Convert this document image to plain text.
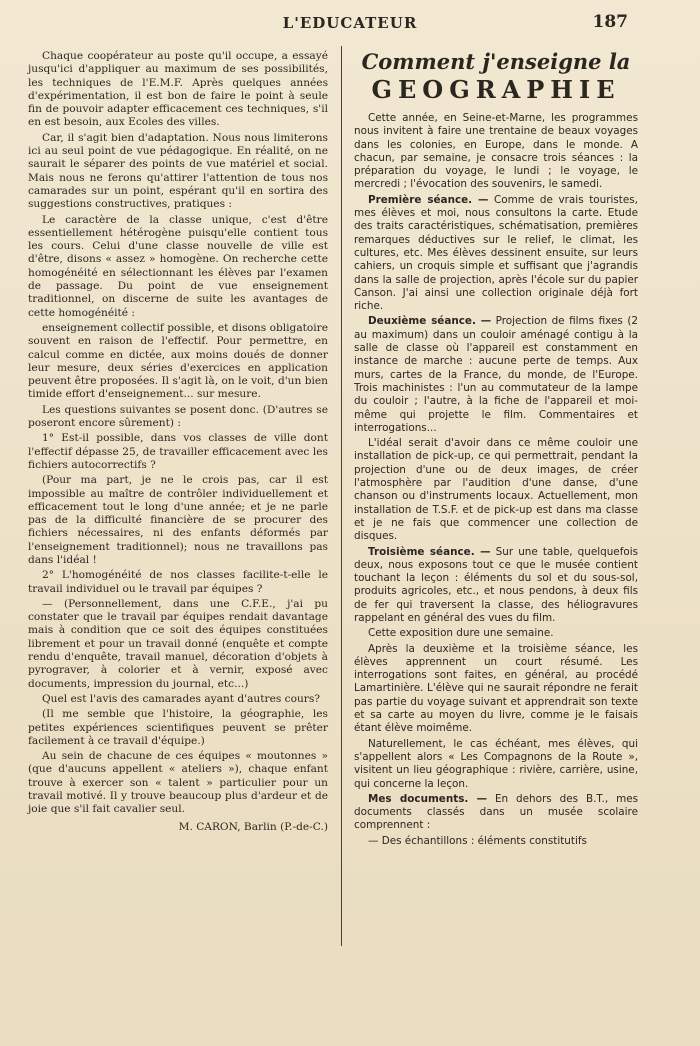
L'EDUCATEUR	187

Chaque coopérateur au poste qu'il occupe, a essayé jusqu'ici d'appliquer au maximum de ses possibilités, les techniques de l'E.M.F. Après quelques années d'expérimentation, il est bon de faire le point à seule fin de pouvoir adapter efficacement ces techniques, s'il en est besoin, aux Ecoles des villes.

Car, il s'agit bien d'adaptation. Nous nous limiterons ici au seul point de vue pédagogique. En réalité, on ne saurait le séparer des points de vue matériel et social. Mais nous ne ferons qu'attirer l'attention de tous nos camarades sur un point, espérant qu'il en sortira des suggestions constructives, pratiques :

Le caractère de la classe unique, c'est d'être essentiellement hétérogène puisqu'elle contient tous les cours. Celui d'une classe nouvelle de ville est d'être, disons « assez » homogène. On recherche cette homogénéité en sélectionnant les élèves par l'examen de passage. Du point de vue enseignement traditionnel, on discerne de suite les avantages de cette homogénéité :

enseignement collectif possible, et disons obligatoire souvent en raison de l'effectif. Pour permettre, en calcul comme en dictée, aux moins doués de donner leur mesure, deux séries d'exercices en application peuvent être proposées. Il s'agit là, on le voit, d'un bien timide effort d'enseignement... sur mesure.

Les questions suivantes se posent donc. (D'autres se poseront encore sûrement) :

1° Est-il possible, dans vos classes de ville dont l'effectif dépasse 25, de travailler efficacement avec les fichiers autocorrectifs ?

(Pour ma part, je ne le crois pas, car il est impossible au maître de contrôler individuellement et efficacement tout le long d'une année; et je ne parle pas de la difficulté financière de se procurer des fichiers nécessaires, ni des enfants déformés par l'enseignement traditionnel); nous ne travaillons pas dans l'idéal !

2° L'homogénéité de nos classes facilite-t-elle le travail individuel ou le travail par équipes ?

— (Personnellement, dans une C.F.E., j'ai pu constater que le travail par équipes rendait davantage mais à condition que ce soit des équipes constituées librement et pour un travail donné (enquête et compte rendu d'enquête, travail manuel, décoration d'objets à pyrograver, à colorier et à vernir, exposé avec documents, impression du journal, etc...)

Quel est l'avis des camarades ayant d'autres cours?

(Il me semble que l'histoire, la géographie, les petites expériences scientifiques peuvent se prêter facilement à ce travail d'équipe.)

Au sein de chacune de ces équipes « moutonnes » (que d'aucuns appellent « ateliers »), chaque enfant trouve à exercer son « talent » particulier pour un travail motivé. Il y trouve beaucoup plus d'ardeur et de joie que s'il fait cavalier seul.

M. CARON, Barlin (P.-de-C.)

Comment j'enseigne la
GEOGRAPHIE

Cette année, en Seine-et-Marne, les programmes nous invitent à faire une trentaine de beaux voyages dans les colonies, en Europe, dans le monde. A chacun, par semaine, je consacre trois séances : la préparation du voyage, le lundi ; le voyage, le mercredi ; l'évocation des souvenirs, le samedi.

Première séance. — Comme de vrais touristes, mes élèves et moi, nous consultons la carte. Etude des traits caractéristiques, schématisation, premières remarques déductives sur le relief, le climat, les cultures, etc. Mes élèves dessinent ensuite, sur leurs cahiers, un croquis simple et suffisant que j'agrandis dans la salle de projection, après l'école sur du papier Canson. J'ai ainsi une collection originale déjà fort riche.

Deuxième séance. — Projection de films fixes (2 au maximum) dans un couloir aménagé contigu à la salle de classe où l'appareil est constamment en instance de marche : aucune perte de temps. Aux murs, cartes de la France, du monde, de l'Europe. Trois machinistes : l'un au commutateur de la lampe du couloir ; l'autre, à la fiche de l'appareil et moi-même qui projette le film. Commentaires et interrogations...

L'idéal serait d'avoir dans ce même couloir une installation de pick-up, ce qui permettrait, pendant la projection d'une ou de deux images, de créer l'atmosphère par l'audition d'une danse, d'une chanson ou d'instruments locaux. Actuellement, mon installation de T.S.F. et de pick-up est dans ma classe et je ne fais que commencer une collection de disques.

Troisième séance. — Sur une table, quelquefois deux, nous exposons tout ce que le musée contient touchant la leçon : éléments du sol et du sous-sol, produits agricoles, etc., et nous pendons, à deux fils de fer qui traversent la classe, des héliogravures rappelant en général des vues du film.

Cette exposition dure une semaine.

Après la deuxième et la troisième séance, les élèves apprennent un court résumé. Les interrogations sont faites, en général, au procédé Lamartinière. L'élève qui ne saurait répondre ne ferait pas partie du voyage suivant et apprendrait son texte et sa carte au moyen du livre, comme je le faisais étant élève moimême.

Naturellement, le cas échéant, mes élèves, qui s'appellent alors « Les Compagnons de la Route », visitent un lieu géographique : rivière, carrière, usine, qui concerne la leçon.

Mes documents. — En dehors des B.T., mes documents classés dans un musée scolaire comprennent :

— Des échantillons : éléments constitutifs
